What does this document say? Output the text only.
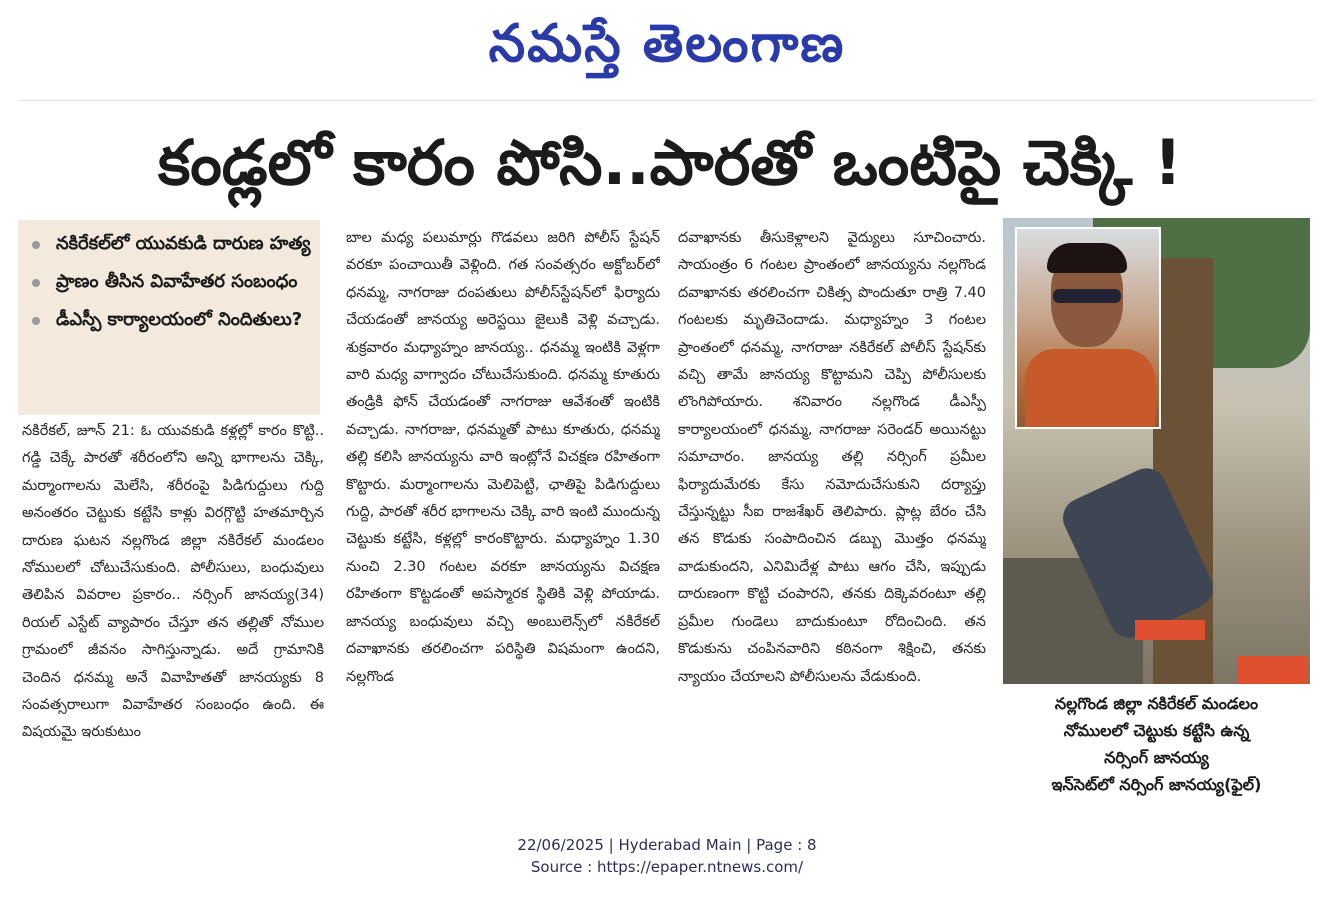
నమస్తే తెలంగాణ
కండ్లలో కారం పోసి..పారతో ఒంటిపై చెక్కి !
నకిరేకల్‌లో యువకుడి దారుణ హత్య
ప్రాణం తీసిన వివాహేతర సంబంధం
డీఎస్పీ కార్యాలయంలో నిందితులు?
నకిరేకల్, జూన్ 21: ఓ యువకుడి కళ్లల్లో కారం కొట్టి.. గడ్డి చెక్కే పారతో శరీరంలోని అన్ని భాగాలను చెక్కి, మర్మాంగాలను మెలేసి, శరీరంపై పిడిగుద్దులు గుద్ది అనంతరం చెట్టుకు కట్టేసి కాళ్లు విరగ్గొట్టి హతమార్చిన దారుణ ఘటన నల్లగొండ జిల్లా నకిరేకల్ మండలం నోములలో చోటుచేసుకుంది. పోలీసులు, బంధువులు తెలిపిన వివరాల ప్రకారం.. నర్సింగ్ జానయ్య(34) రియల్ ఎస్టేట్ వ్యాపారం చేస్తూ తన తల్లితో నోముల గ్రామంలో జీవనం సాగిస్తున్నాడు. అదే గ్రామానికి చెందిన ధనమ్మ అనే వివాహితతో జానయ్యకు 8 సంవత్సరాలుగా వివాహేతర సంబంధం ఉంది. ఈ విషయమై ఇరుకుటుం
బాల మధ్య పలుమార్లు గొడవలు జరిగి పోలీస్ స్టేషన్ వరకూ పంచాయితీ వెళ్లింది. గత సంవత్సరం అక్టోబర్‌లో ధనమ్మ, నాగరాజు దంపతులు పోలీస్‌స్టేషన్‌లో ఫిర్యాదు చేయడంతో జానయ్య అరెస్టయి జైలుకి వెళ్లి వచ్చాడు. శుక్రవారం మధ్యాహ్నం జానయ్య.. ధనమ్మ ఇంటికి వెళ్లగా వారి మధ్య వాగ్వాదం చోటుచేసుకుంది. ధనమ్మ కూతురు తండ్రికి ఫోన్ చేయడంతో నాగరాజు ఆవేశంతో ఇంటికి వచ్చాడు. నాగరాజు, ధనమ్మతో పాటు కూతురు, ధనమ్మ తల్లి కలిసి జానయ్యను వారి ఇంట్లోనే విచక్షణ రహితంగా కొట్టారు. మర్మాంగాలను మెలిపెట్టి, ఛాతిపై పిడిగుద్దులు గుద్ది, పారతో శరీర భాగాలను చెక్కి వారి ఇంటి ముందున్న చెట్టుకు కట్టేసి, కళ్లల్లో కారంకొట్టారు. మధ్యాహ్నం 1.30 నుంచి 2.30 గంటల వరకూ జానయ్యను విచక్షణ రహితంగా కొట్టడంతో అపస్మారక స్థితికి వెళ్లి పోయాడు. జానయ్య బంధువులు వచ్చి అంబులెన్స్‌లో నకిరేకల్ దవాఖానకు తరలించగా పరిస్థితి విషమంగా ఉందని, నల్లగొండ
దవాఖానకు తీసుకెళ్లాలని వైద్యులు సూచించారు. సాయంత్రం 6 గంటల ప్రాంతంలో జానయ్యను నల్లగొండ దవాఖానకు తరలించగా చికిత్స పొందుతూ రాత్రి 7.40 గంటలకు మృతిచెందాడు. మధ్యాహ్నం 3 గంటల ప్రాంతంలో ధనమ్మ, నాగరాజు నకిరేకల్ పోలీస్ స్టేషన్‌కు వచ్చి తామే జానయ్య కొట్టామని చెప్పి పోలీసులకు లొంగిపోయారు. శనివారం నల్లగొండ డీఎస్పీ కార్యాలయంలో ధనమ్మ, నాగరాజు సరెండర్ అయినట్టు సమాచారం. జానయ్య తల్లి నర్సింగ్ ప్రమీల ఫిర్యాదుమేరకు కేసు నమోదుచేసుకుని దర్యాప్తు చేస్తున్నట్టు సీఐ రాజశేఖర్ తెలిపారు. ప్లాట్ల బేరం చేసి తన కొడుకు సంపాదించిన డబ్బు మొత్తం ధనమ్మ వాడుకుందని, ఎనిమిదేళ్ల పాటు ఆగం చేసి, ఇప్పుడు దారుణంగా కొట్టి చంపారని, తనకు దిక్కెవరంటూ తల్లి ప్రమీల గుండెలు బాదుకుంటూ రోదించింది. తన కొడుకును చంపినవారిని కఠినంగా శిక్షించి, తనకు న్యాయం చేయాలని పోలీసులను వేడుకుంది.
నల్లగొండ జిల్లా నకిరేకల్ మండలం
నోములలో చెట్టుకు కట్టేసి ఉన్న
నర్సింగ్ జానయ్య
ఇన్‌సెట్‌లో నర్సింగ్ జానయ్య(ఫైల్)
22/06/2025 | Hyderabad Main | Page : 8
Source : https://epaper.ntnews.com/
